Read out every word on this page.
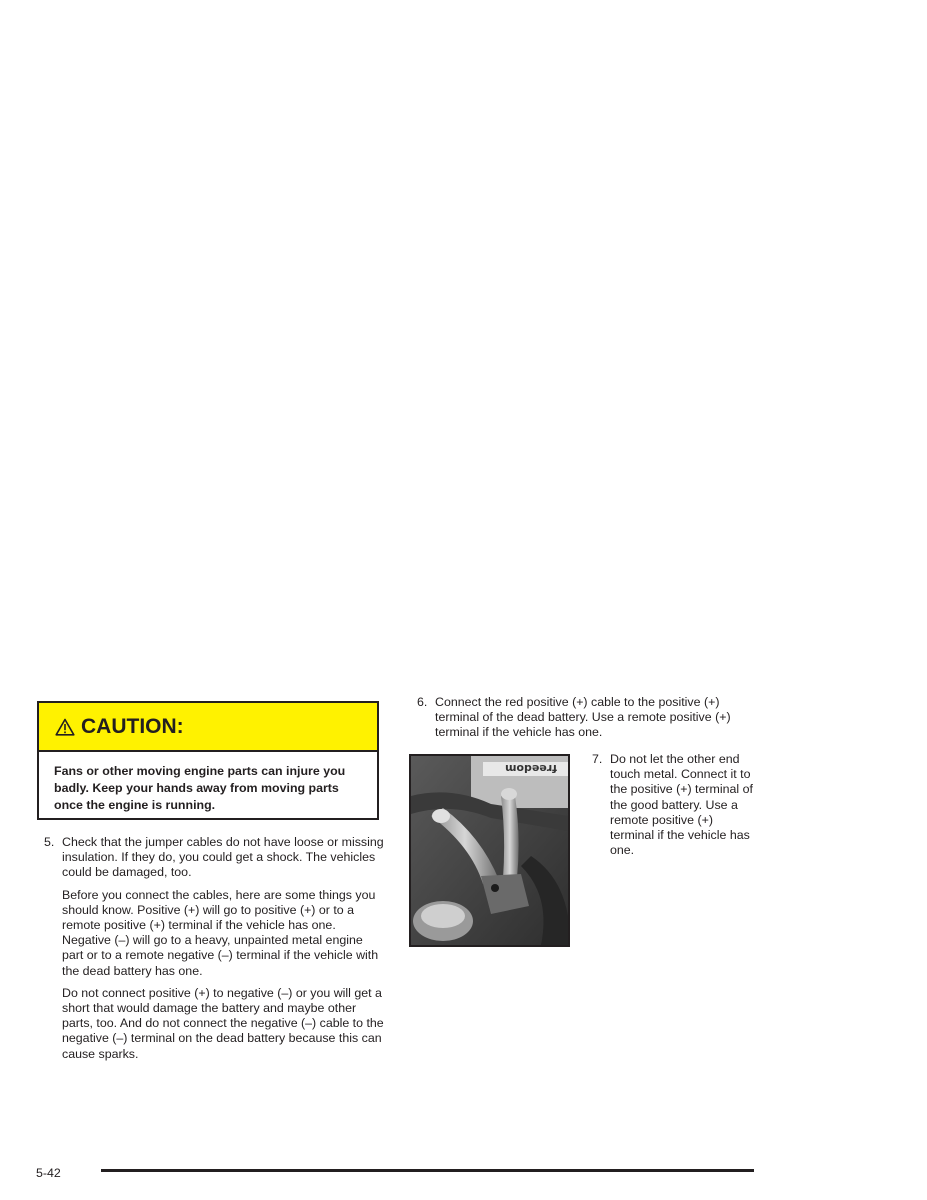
CAUTION:
Fans or other moving engine parts can injure you badly. Keep your hands away from moving parts once the engine is running.
5. Check that the jumper cables do not have loose or missing insulation. If they do, you could get a shock. The vehicles could be damaged, too.

Before you connect the cables, here are some things you should know. Positive (+) will go to positive (+) or to a remote positive (+) terminal if the vehicle has one. Negative (–) will go to a heavy, unpainted metal engine part or to a remote negative (–) terminal if the vehicle with the dead battery has one.

Do not connect positive (+) to negative (–) or you will get a short that would damage the battery and maybe other parts, too. And do not connect the negative (–) cable to the negative (–) terminal on the dead battery because this can cause sparks.

6. Connect the red positive (+) cable to the positive (+) terminal of the dead battery. Use a remote positive (+) terminal if the vehicle has one.

freedom
7. Do not let the other end touch metal. Connect it to the positive (+) terminal of the good battery. Use a remote positive (+) terminal if the vehicle has one.

5-42
